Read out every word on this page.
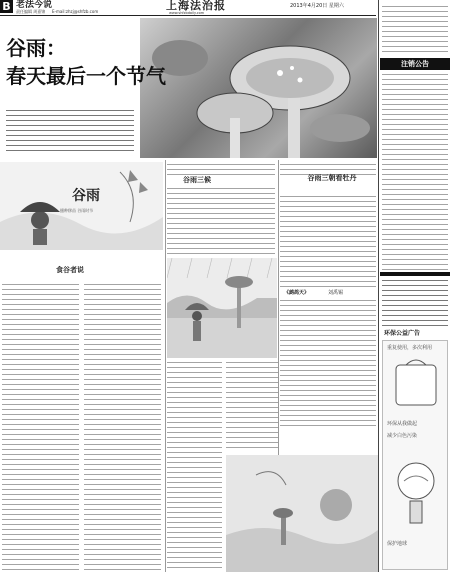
B 老法今说
责任编辑 周嘉锦 E-mail:zhzj@shfzb.com	上海法治报
www.shfzbdaily.com
2013年4月20日 星期六
谷雨：
春天最后一个节气
谷雨
播种移苗 谷雨时节
谷雨三候	谷雨三朝看牡丹
《鹧鸪天》	刘禹锡
食谷者说
注销公告
环保公益广告
重复使用，多次利用
环保从我做起
减少白色污染
保护地球
